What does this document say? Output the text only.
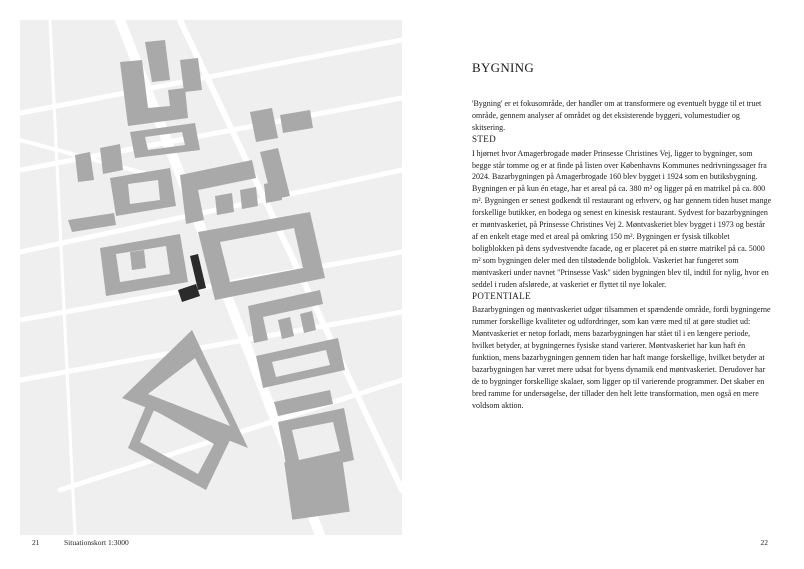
21	Situationskort 1:3000
BYGNING

'Bygning' er et fokusområde, der handler om at transformere og eventuelt bygge til et truet område, gennem analyser af området og det eksisterende byggeri, volumestudier og skitsering.

STED

I hjørnet hvor Amagerbrogade møder Prinsesse Christines Vej, ligger to bygninger, som begge står tomme og er at finde på listen over Københavns Kommunes nedrivningssager fra 2024. Bazarbygningen på Amagerbrogade 160 blev bygget i 1924 som en butiksbygning. Bygningen er på kun én etage, har et areal på ca. 380 m² og ligger på en matrikel på ca. 800 m². Bygningen er senest godkendt til restaurant og erhverv, og har gennem tiden huset mange forskellige butikker, en bodega og senest en kinesisk restaurant. Sydvest for bazarbygningen er møntvaskeriet, på Prinsesse Christines Vej 2. Møntvaskeriet blev bygget i 1973 og består af en enkelt etage med et areal på omkring 150 m². Bygningen er fysisk tilkoblet boligblokken på dens sydvestvendte facade, og er placeret på en større matrikel på ca. 5000 m² som bygningen deler med den tilstødende boligblok. Vaskeriet har fungeret som møntvaskeri under navnet "Prinsesse Vask" siden bygningen blev til, indtil for nylig, hvor en seddel i ruden afslørede, at vaskeriet er flyttet til nye lokaler.

POTENTIALE

Bazarbygningen og møntvaskeriet udgør tilsammen et spændende område, fordi bygningerne rummer forskellige kvaliteter og udfordringer, som kan være med til at gøre studiet ud: Møntvaskeriet er netop forladt, mens bazarbygningen har stået til i en længere periode, hvilket betyder, at bygningernes fysiske stand varierer. Møntvaskeriet har kun haft én funktion, mens bazarbygningen gennem tiden har haft mange forskellige, hvilket betyder at bazarbygningen har været mere udsat for byens dynamik end møntvaskeriet. Derudover har de to bygninger forskellige skalaer, som ligger op til varierende programmer. Det skaber en bred ramme for undersøgelse, der tillader den helt lette transformation, men også en mere voldsom aktion.

22
